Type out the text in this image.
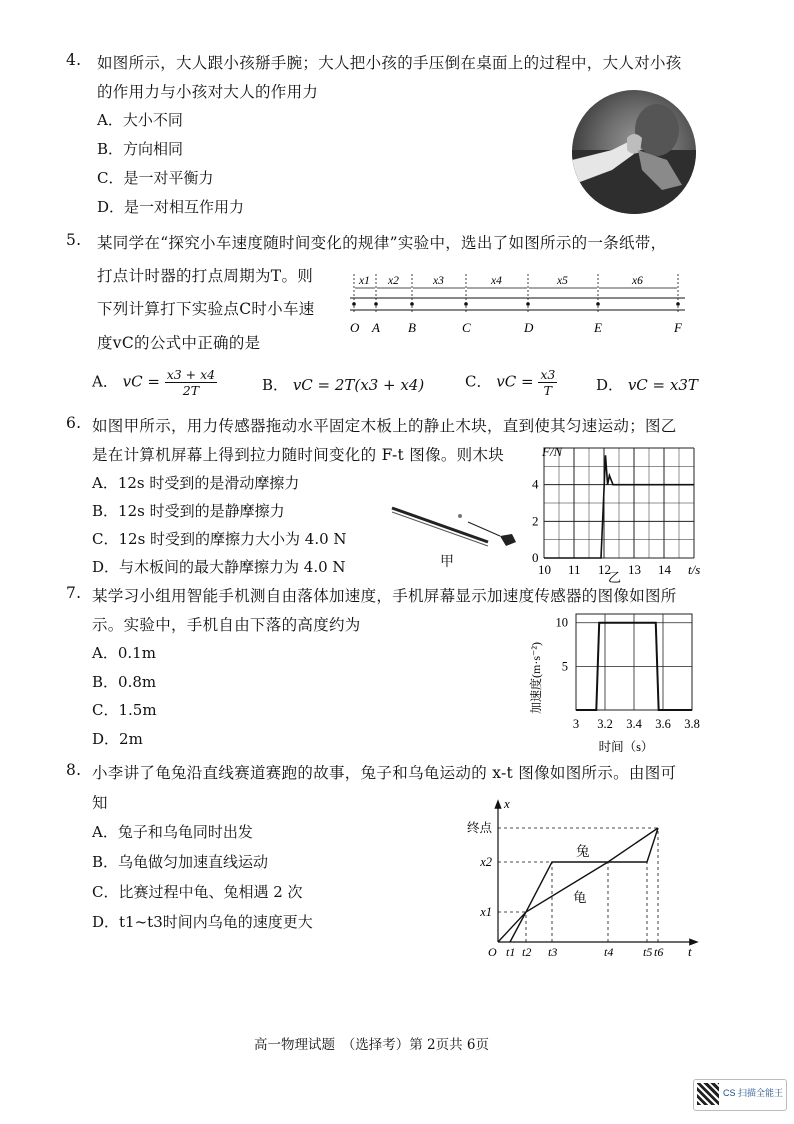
4. 如图所示，大人跟小孩掰手腕；大人把小孩的手压倒在桌面上的过程中，大人对小孩
的作用力与小孩对大人的作用力
A．大小不同
B．方向相同
C．是一对平衡力
D．是一对相互作用力
5. 某同学在“探究小车速度随时间变化的规律”实验中，选出了如图所示的一条纸带，
打点计时器的打点周期为T。则
下列计算打下实验点C时小车速
度vC的公式中正确的是
x1 x2	x3	x4	x5	x6
O A B	C	D	E	F
A． vC = $\frac{x3 + x4}{2T}$	B． vC = 2T(x3 + x4)	C． vC = $\frac{x3}{T}$	D． vC = x3T
6. 如图甲所示，用力传感器拖动水平固定木板上的静止木块，直到使其匀速运动；图乙
是在计算机屏幕上得到拉力随时间变化的 F-t 图像。则木块
A．12s 时受到的是滑动摩擦力
B．12s 时受到的是静摩擦力
C．12s 时受到的摩擦力大小为 4.0 N
D．与木板间的最大静摩擦力为 4.0 N	甲	10 11 12 13 14 t/s
0
2
4
F/N
乙
7. 某学习小组用智能手机测自由落体加速度，手机屏幕显示加速度传感器的图像如图所
示。实验中，手机自由下落的高度约为
A．0.1m
B．0.8m
C．1.5m
D．2m
3 3.2 3.4 3.6 3.8
5
10
加速度(m·s⁻²)
时间（s）
8. 小李讲了龟兔沿直线赛道赛跑的故事，兔子和乌龟运动的 x-t 图像如图所示。由图可
知
A．兔子和乌龟同时出发
B．乌龟做匀加速直线运动
C．比赛过程中龟、兔相遇 2 次
D．t1~t3时间内乌龟的速度更大
终点
x2
x1
O t1 t2 t3	t4 t5 t6
x
t
兔
龟
高一物理试题　（选择考）第 2页共 6页
CS 扫描全能王
